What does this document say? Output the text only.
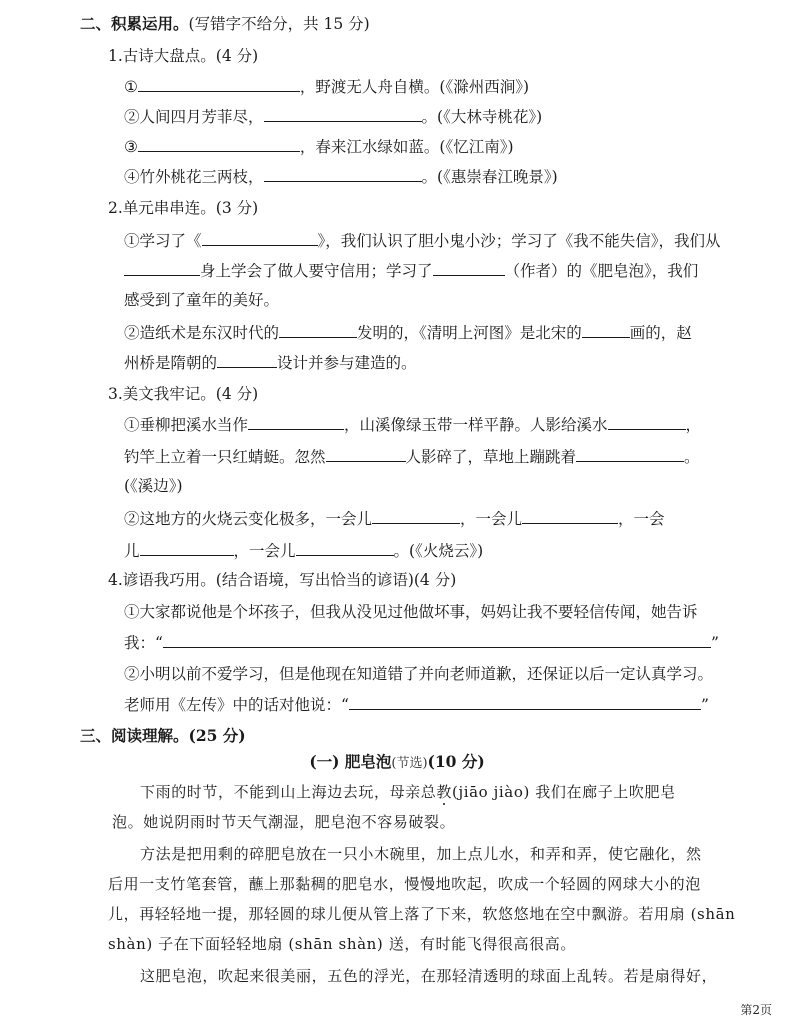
二、积累运用。(写错字不给分，共 15 分)
1.古诗大盘点。(4 分)
①	，野渡无人舟自横。(《滁州西涧》)
②人间四月芳菲尽，	。(《大林寺桃花》)
③	，春来江水绿如蓝。(《忆江南》)
④竹外桃花三两枝，	。(《惠崇春江晚景》)
2.单元串串连。(3 分)
①学习了《	》，我们认识了胆小鬼小沙；学习了《我不能失信》，我们从
身上学会了做人要守信用；学习了	（作者）的《肥皂泡》，我们
感受到了童年的美好。
②造纸术是东汉时代的	发明的，《清明上河图》是北宋的	画的，赵
州桥是隋朝的	设计并参与建造的。
3.美文我牢记。(4 分)
①垂柳把溪水当作	，山溪像绿玉带一样平静。人影给溪水	，
钓竿上立着一只红蜻蜓。忽然	人影碎了，草地上蹦跳着	。
(《溪边》)
②这地方的火烧云变化极多，一会儿	，一会儿	，一会
儿	，一会儿	。(《火烧云》)
4.谚语我巧用。(结合语境，写出恰当的谚语)(4 分)
①大家都说他是个坏孩子，但我从没见过他做坏事，妈妈让我不要轻信传闻，她告诉
我：“	”
②小明以前不爱学习，但是他现在知道错了并向老师道歉，还保证以后一定认真学习。
老师用《左传》中的话对他说：“	”
三、阅读理解。(25 分)
(一) 肥皂泡(节选)(10 分)
下雨的时节，不能到山上海边去玩，母亲总教(jiāo jiào) 我们在廊子上吹肥皂
泡。她说阴雨时节天气潮湿，肥皂泡不容易破裂。
方法是把用剩的碎肥皂放在一只小木碗里，加上点儿水，和弄和弄，使它融化，然
后用一支竹笔套管，蘸上那黏稠的肥皂水，慢慢地吹起，吹成一个轻圆的网球大小的泡
儿，再轻轻地一提，那轻圆的球儿便从管上落了下来，软悠悠地在空中飘游。若用扇 (shān
shàn) 子在下面轻轻地扇 (shān shàn) 送，有时能飞得很高很高。
这肥皂泡，吹起来很美丽，五色的浮光，在那轻清透明的球面上乱转。若是扇得好，
第2页
